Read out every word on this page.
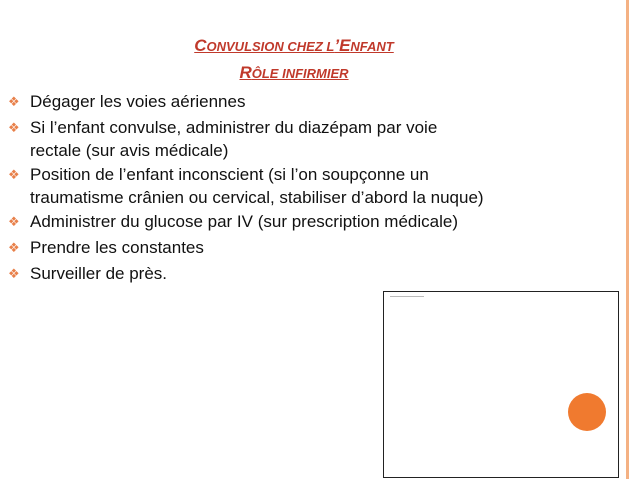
CONVULSION CHEZ L’ENFANT
RÔLE INFIRMIER
❖ Dégager les voies aériennes
❖ Si l’enfant convulse, administrer du diazépam par voie rectale (sur avis médicale)
❖ Position de l’enfant inconscient (si l’on soupçonne un traumatisme crânien ou cervical, stabiliser d’abord la nuque)
❖ Administrer du glucose par IV (sur prescription médicale)
❖ Prendre les constantes
❖ Surveiller de près.
